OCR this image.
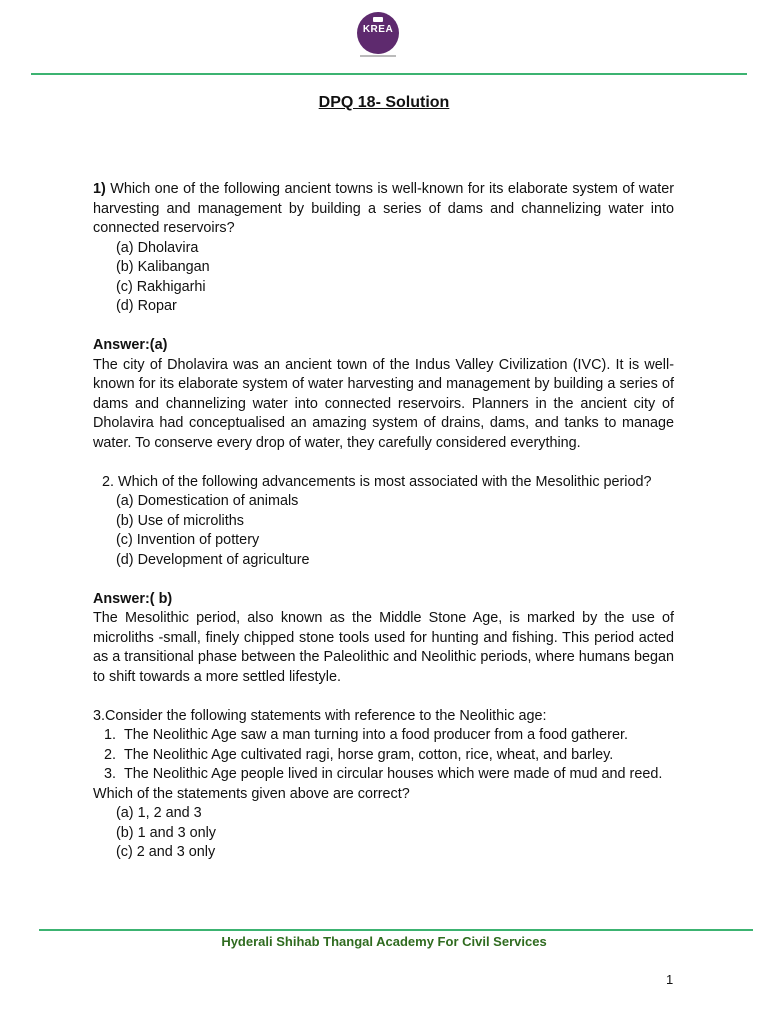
KREA
DPQ 18- Solution

1) Which one of the following ancient towns is well-known for its elaborate system of water harvesting and management by building a series of dams and channelizing water into connected reservoirs?

(a) Dholavira

(b) Kalibangan

(c) Rakhigarhi

(d) Ropar

Answer:(a)

The city of Dholavira was an ancient town of the Indus Valley Civilization (IVC). It is well-known for its elaborate system of water harvesting and management by building a series of dams and channelizing water into connected reservoirs. Planners in the ancient city of Dholavira had conceptualised an amazing system of drains, dams, and tanks to manage water. To conserve every drop of water, they carefully considered everything.

2. Which of the following advancements is most associated with the Mesolithic period?

(a) Domestication of animals

(b) Use of microliths

(c) Invention of pottery

(d) Development of agriculture

Answer:( b)

The Mesolithic period, also known as the Middle Stone Age, is marked by the use of microliths -small, finely chipped stone tools used for hunting and fishing. This period acted as a transitional phase between the Paleolithic and Neolithic periods, where humans began to shift towards a more settled lifestyle.

3.Consider the following statements with reference to the Neolithic age:

1. The Neolithic Age saw a man turning into a food producer from a food gatherer.
2. The Neolithic Age cultivated ragi, horse gram, cotton, rice, wheat, and barley.
3. The Neolithic Age people lived in circular houses which were made of mud and reed.

Which of the statements given above are correct?

(a) 1, 2 and 3

(b) 1 and 3 only

(c) 2 and 3 only

Hyderali Shihab Thangal Academy For Civil Services
1
